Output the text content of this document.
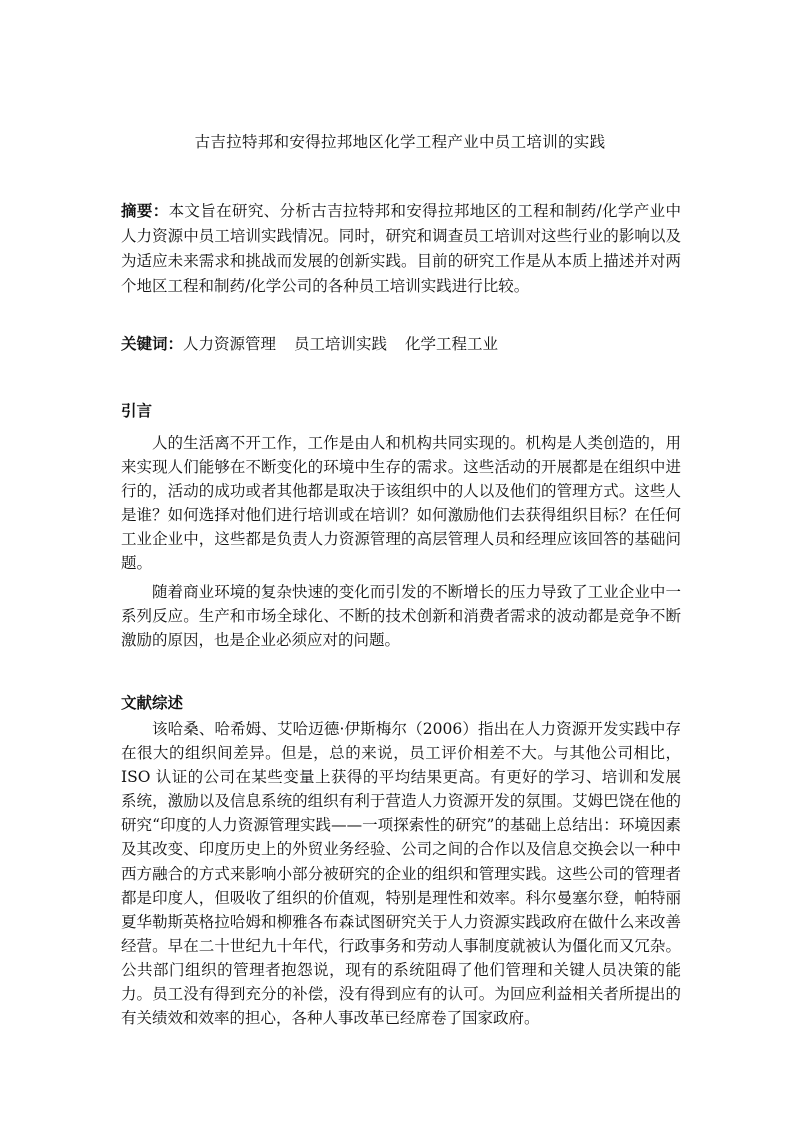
古吉拉特邦和安得拉邦地区化学工程产业中员工培训的实践
摘要：本文旨在研究、分析古吉拉特邦和安得拉邦地区的工程和制药/化学产业中人力资源中员工培训实践情况。同时，研究和调查员工培训对这些行业的影响以及为适应未来需求和挑战而发展的创新实践。目前的研究工作是从本质上描述并对两个地区工程和制药/化学公司的各种员工培训实践进行比较。
关键词：人力资源管理 员工培训实践 化学工程工业
引言

人的生活离不开工作，工作是由人和机构共同实现的。机构是人类创造的，用来实现人们能够在不断变化的环境中生存的需求。这些活动的开展都是在组织中进行的，活动的成功或者其他都是取决于该组织中的人以及他们的管理方式。这些人是谁？如何选择对他们进行培训或在培训？如何激励他们去获得组织目标？在任何工业企业中，这些都是负责人力资源管理的高层管理人员和经理应该回答的基础问题。

随着商业环境的复杂快速的变化而引发的不断增长的压力导致了工业企业中一系列反应。生产和市场全球化、不断的技术创新和消费者需求的波动都是竞争不断激励的原因，也是企业必须应对的问题。

文献综述

该哈桑、哈希姆、艾哈迈德·伊斯梅尔（2006）指出在人力资源开发实践中存在很大的组织间差异。但是，总的来说，员工评价相差不大。与其他公司相比，ISO 认证的公司在某些变量上获得的平均结果更高。有更好的学习、培训和发展系统，激励以及信息系统的组织有利于营造人力资源开发的氛围。艾姆巴饶在他的研究“印度的人力资源管理实践——一项探索性的研究”的基础上总结出：环境因素及其改变、印度历史上的外贸业务经验、公司之间的合作以及信息交换会以一种中西方融合的方式来影响小部分被研究的企业的组织和管理实践。这些公司的管理者都是印度人，但吸收了组织的价值观，特别是理性和效率。科尔曼塞尔登，帕特丽夏华勒斯英格拉哈姆和柳雅各布森试图研究关于人力资源实践政府在做什么来改善经营。早在二十世纪九十年代，行政事务和劳动人事制度就被认为僵化而又冗杂。公共部门组织的管理者抱怨说，现有的系统阻碍了他们管理和关键人员决策的能力。员工没有得到充分的补偿，没有得到应有的认可。为回应利益相关者所提出的有关绩效和效率的担心，各种人事改革已经席卷了国家政府。
